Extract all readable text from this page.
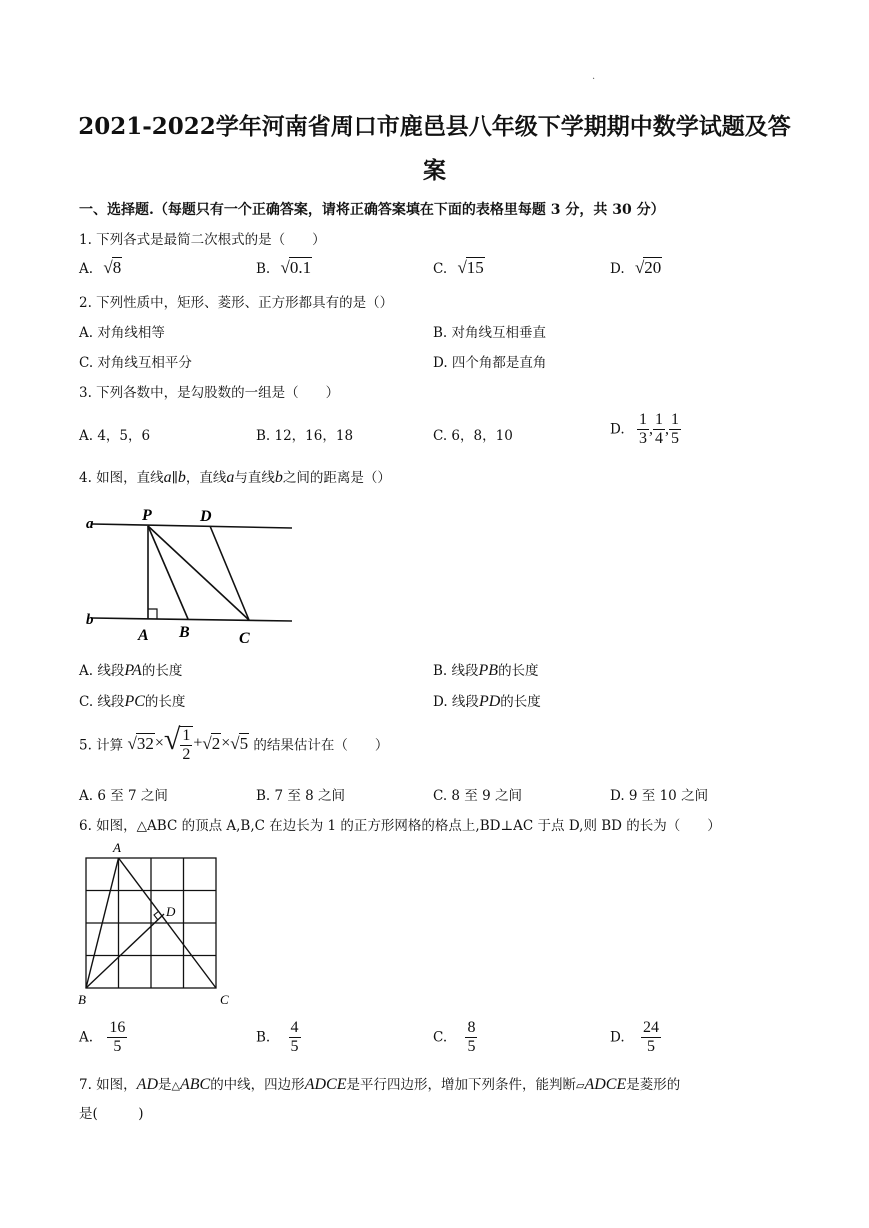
·
2021-2022学年河南省周口市鹿邑县八年级下学期期中数学试题及答
案
一、选择题.（每题只有一个正确答案，请将正确答案填在下面的表格里每题 3 分，共 30 分）
1. 下列各式是最简二次根式的是（　　）
A. √8	B. √0.1	C. √15	D. √20
2. 下列性质中，矩形、菱形、正方形都具有的是（）
A. 对角线相等	B. 对角线互相垂直
C. 对角线互相平分	D. 四个角都是直角
3. 下列各数中，是勾股数的一组是（　　）
A. 4，5，6	B. 12，16，18	C. 6，8，10	D. $\frac{1}{3}$ , $\frac{1}{4}$ , $\frac{1}{5}$
4. 如图，直线a∥b，直线a与直线b之间的距离是（）
a
b
P	D
A B	C
A. 线段PA的长度	B. 线段PB的长度
C. 线段PC的长度	D. 线段PD的长度
5. 计算 $√32\times√ \frac{1}{2} +√2\times√5$ 的结果估计在（　　）
A. 6 至 7 之间	B. 7 至 8 之间	C. 8 至 9 之间	D. 9 至 10 之间
6. 如图，△ABC 的顶点 A,B,C 在边长为 1 的正方形网格的格点上,BD⊥AC 于点 D,则 BD 的长为（　　）
A
B	C
D
A. $\frac{16}{5}$	B. $\frac{4}{5}$	C. $\frac{8}{5}$	D. $\frac{24}{5}$
7. 如图，AD是△ABC的中线，四边形ADCE是平行四边形，增加下列条件，能判断▱ADCE是菱形的
是(　　　)
